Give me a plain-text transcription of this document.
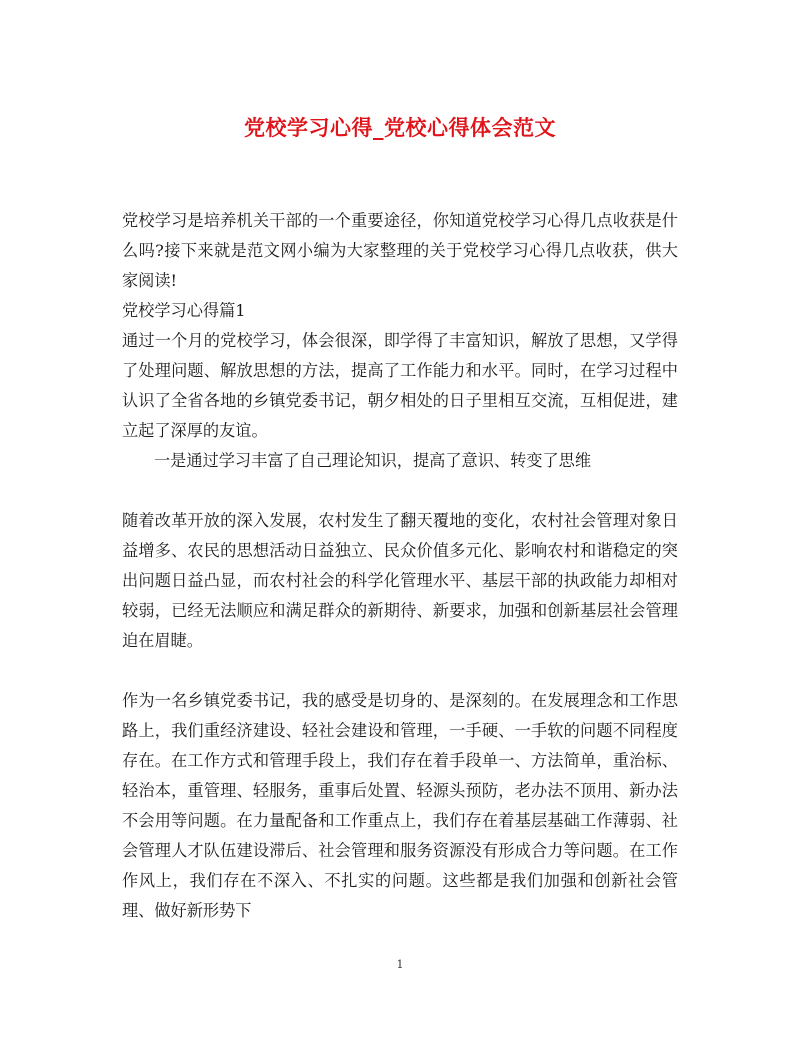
党校学习心得_党校心得体会范文

党校学习是培养机关干部的一个重要途径，你知道党校学习心得几点收获是什么吗?接下来就是范文网小编为大家整理的关于党校学习心得几点收获，供大家阅读!

党校学习心得篇1

通过一个月的党校学习，体会很深，即学得了丰富知识，解放了思想，又学得了处理问题、解放思想的方法，提高了工作能力和水平。同时，在学习过程中认识了全省各地的乡镇党委书记，朝夕相处的日子里相互交流，互相促进，建立起了深厚的友谊。

一是通过学习丰富了自己理论知识，提高了意识、转变了思维

随着改革开放的深入发展，农村发生了翻天覆地的变化，农村社会管理对象日益增多、农民的思想活动日益独立、民众价值多元化、影响农村和谐稳定的突出问题日益凸显，而农村社会的科学化管理水平、基层干部的执政能力却相对较弱，已经无法顺应和满足群众的新期待、新要求，加强和创新基层社会管理迫在眉睫。

作为一名乡镇党委书记，我的感受是切身的、是深刻的。在发展理念和工作思路上，我们重经济建设、轻社会建设和管理，一手硬、一手软的问题不同程度存在。在工作方式和管理手段上，我们存在着手段单一、方法简单，重治标、轻治本，重管理、轻服务，重事后处置、轻源头预防，老办法不顶用、新办法不会用等问题。在力量配备和工作重点上，我们存在着基层基础工作薄弱、社会管理人才队伍建设滞后、社会管理和服务资源没有形成合力等问题。在工作作风上，我们存在不深入、不扎实的问题。这些都是我们加强和创新社会管理、做好新形势下

1
